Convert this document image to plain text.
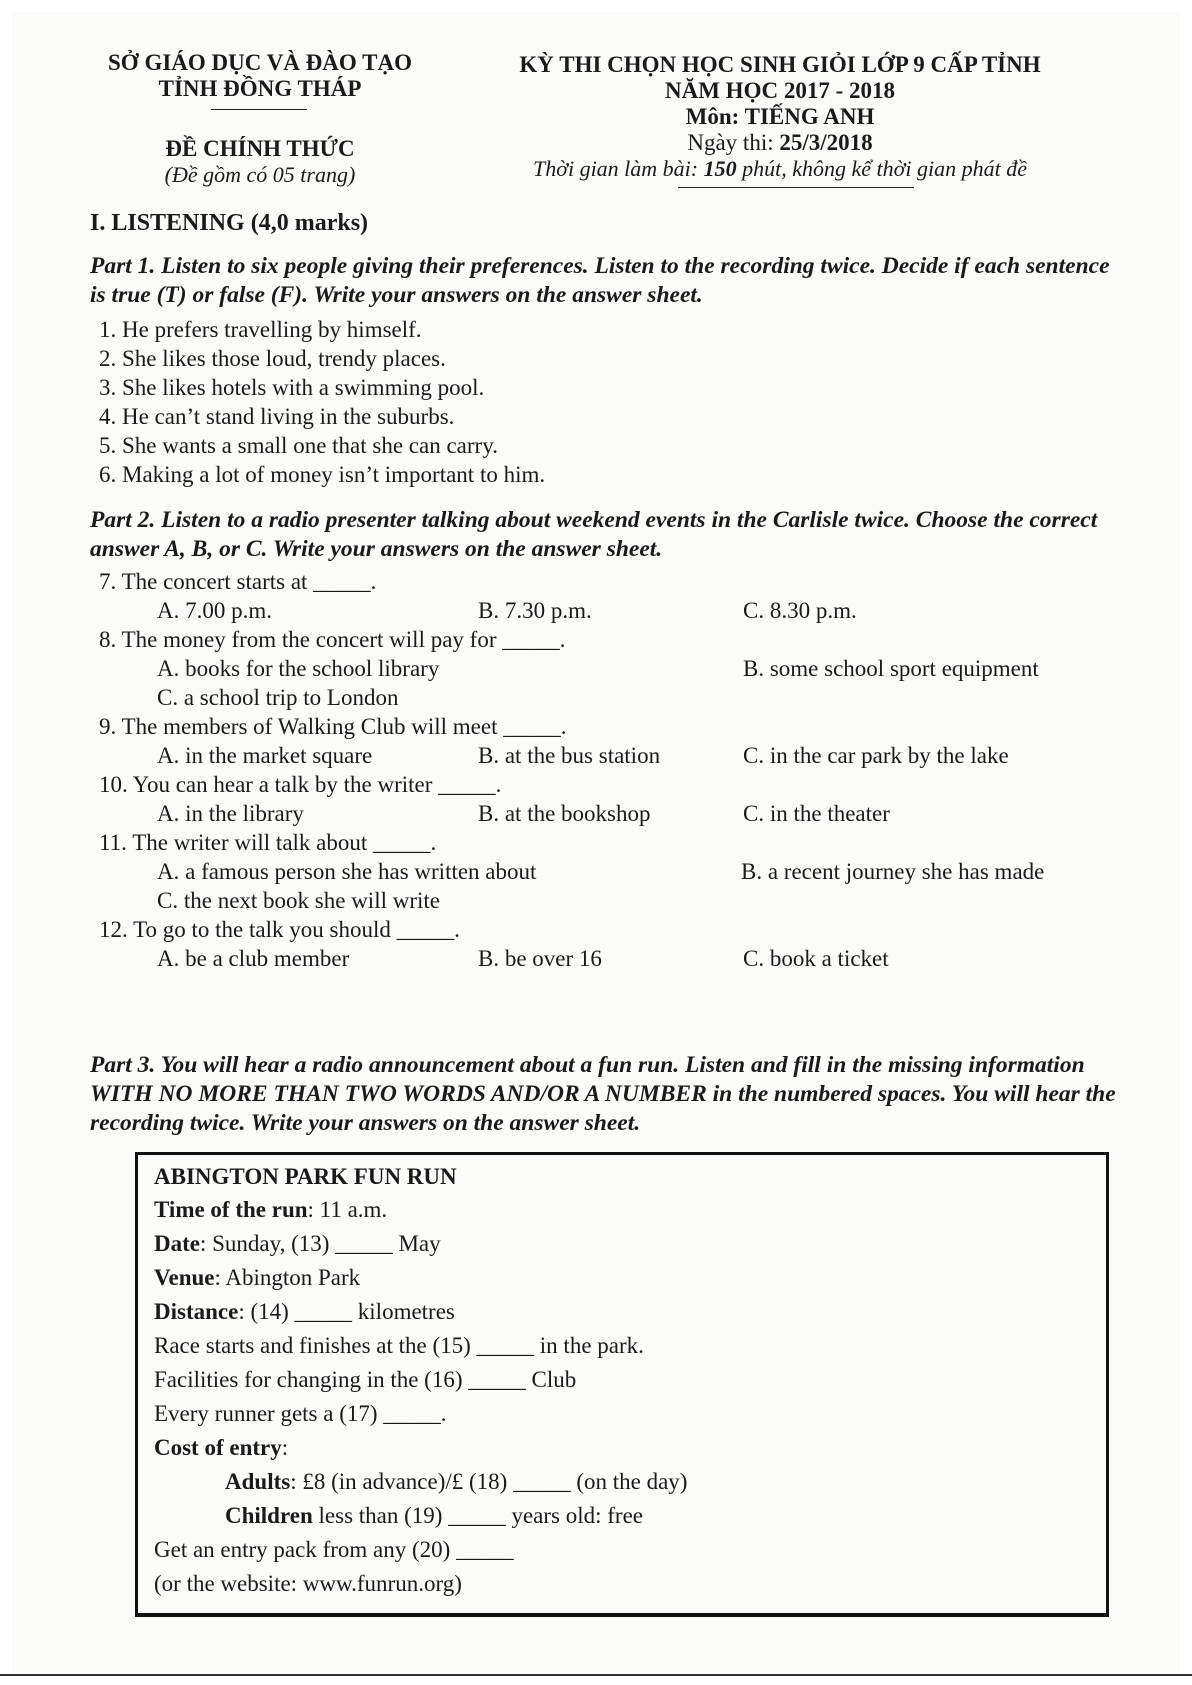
SỞ GIÁO DỤC VÀ ĐÀO TẠO
TỈNH ĐỒNG THÁP
ĐỀ CHÍNH THỨC
(Đề gồm có 05 trang)
KỲ THI CHỌN HỌC SINH GIỎI LỚP 9 CẤP TỈNH
NĂM HỌC 2017 - 2018
Môn: TIẾNG ANH
Ngày thi: 25/3/2018
Thời gian làm bài: 150 phút, không kể thời gian phát đề
I. LISTENING (4,0 marks)
Part 1. Listen to six people giving their preferences. Listen to the recording twice. Decide if each sentence is true (T) or false (F). Write your answers on the answer sheet.
1. He prefers travelling by himself.
2. She likes those loud, trendy places.
3. She likes hotels with a swimming pool.
4. He can’t stand living in the suburbs.
5. She wants a small one that she can carry.
6. Making a lot of money isn’t important to him.
Part 2. Listen to a radio presenter talking about weekend events in the Carlisle twice. Choose the correct answer A, B, or C. Write your answers on the answer sheet.
7. The concert starts at _____.
A. 7.00 p.m.	B. 7.30 p.m.	C. 8.30 p.m.
8. The money from the concert will pay for _____.
A. books for the school library	B. some school sport equipment
C. a school trip to London
9. The members of Walking Club will meet _____.
A. in the market square	B. at the bus station	C. in the car park by the lake
10. You can hear a talk by the writer _____.
A. in the library	B. at the bookshop	C. in the theater
11. The writer will talk about _____.
A. a famous person she has written about	B. a recent journey she has made
C. the next book she will write
12. To go to the talk you should _____.
A. be a club member	B. be over 16	C. book a ticket
Part 3. You will hear a radio announcement about a fun run. Listen and fill in the missing information WITH NO MORE THAN TWO WORDS AND/OR A NUMBER in the numbered spaces. You will hear the recording twice. Write your answers on the answer sheet.
ABINGTON PARK FUN RUN
Time of the run: 11 a.m.
Date: Sunday, (13) _____ May
Venue: Abington Park
Distance: (14) _____ kilometres
Race starts and finishes at the (15) _____ in the park.
Facilities for changing in the (16) _____ Club
Every runner gets a (17) _____.
Cost of entry:
Adults: £8 (in advance)/£ (18) _____ (on the day)
Children less than (19) _____ years old: free
Get an entry pack from any (20) _____
(or the website: www.funrun.org)
